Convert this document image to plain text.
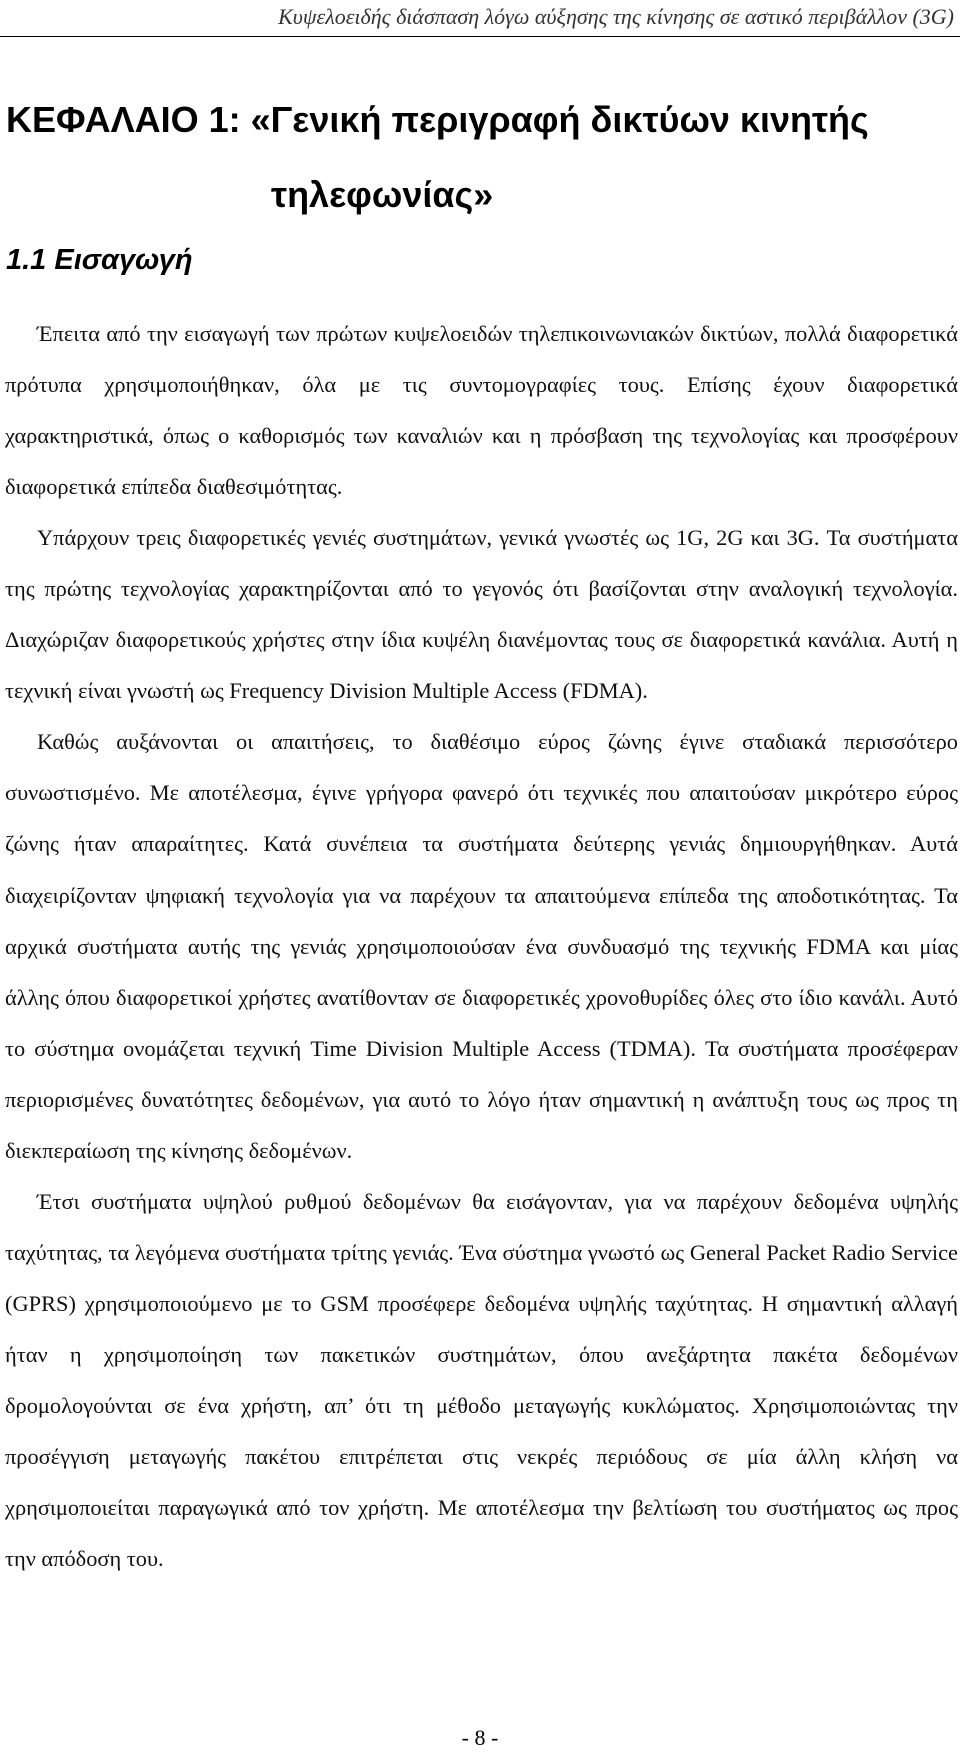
Κυψελοειδής διάσπαση λόγω αύξησης της κίνησης σε αστικό περιβάλλον (3G)
ΚΕΦΑΛΑΙΟ 1: «Γενική περιγραφή δικτύων κινητής
τηλεφωνίας»
1.1 Εισαγωγή

Έπειτα από την εισαγωγή των πρώτων κυψελοειδών τηλεπικοινωνιακών δικτύων, πολλά διαφορετικά πρότυπα χρησιμοποιήθηκαν, όλα με τις συντομογραφίες τους. Επίσης έχουν διαφορετικά χαρακτηριστικά, όπως ο καθορισμός των καναλιών και η πρόσβαση της τεχνολογίας και προσφέρουν διαφορετικά επίπεδα διαθεσιμότητας.

Υπάρχουν τρεις διαφορετικές γενιές συστημάτων, γενικά γνωστές ως 1G, 2G και 3G. Τα συστήματα της πρώτης τεχνολογίας χαρακτηρίζονται από το γεγονός ότι βασίζονται στην αναλογική τεχνολογία. Διαχώριζαν διαφορετικούς χρήστες στην ίδια κυψέλη διανέμοντας τους σε διαφορετικά κανάλια. Αυτή η τεχνική είναι γνωστή ως Frequency Division Multiple Access (FDMA).

Καθώς αυξάνονται οι απαιτήσεις, το διαθέσιμο εύρος ζώνης έγινε σταδιακά περισσότερο συνωστισμένο. Με αποτέλεσμα, έγινε γρήγορα φανερό ότι τεχνικές που απαιτούσαν μικρότερο εύρος ζώνης ήταν απαραίτητες. Κατά συνέπεια τα συστήματα δεύτερης γενιάς δημιουργήθηκαν. Αυτά διαχειρίζονταν ψηφιακή τεχνολογία για να παρέχουν τα απαιτούμενα επίπεδα της αποδοτικότητας. Τα αρχικά συστήματα αυτής της γενιάς χρησιμοποιούσαν ένα συνδυασμό της τεχνικής FDMA και μίας άλλης όπου διαφορετικοί χρήστες ανατίθονταν σε διαφορετικές χρονοθυρίδες όλες στο ίδιο κανάλι. Αυτό το σύστημα ονομάζεται τεχνική Time Division Multiple Access (TDMA). Τα συστήματα προσέφεραν περιορισμένες δυνατότητες δεδομένων, για αυτό το λόγο ήταν σημαντική η ανάπτυξη τους ως προς τη διεκπεραίωση της κίνησης δεδομένων.

Έτσι συστήματα υψηλού ρυθμού δεδομένων θα εισάγονταν, για να παρέχουν δεδομένα υψηλής ταχύτητας, τα λεγόμενα συστήματα τρίτης γενιάς. Ένα σύστημα γνωστό ως General Packet Radio Service (GPRS) χρησιμοποιούμενο με το GSM προσέφερε δεδομένα υψηλής ταχύτητας. Η σημαντική αλλαγή ήταν η χρησιμοποίηση των πακετικών συστημάτων, όπου ανεξάρτητα πακέτα δεδομένων δρομολογούνται σε ένα χρήστη, απ’ ότι τη μέθοδο μεταγωγής κυκλώματος. Χρησιμοποιώντας την προσέγγιση μεταγωγής πακέτου επιτρέπεται στις νεκρές περιόδους σε μία άλλη κλήση να χρησιμοποιείται παραγωγικά από τον χρήστη. Με αποτέλεσμα την βελτίωση του συστήματος ως προς την απόδοση του.

- 8 -
